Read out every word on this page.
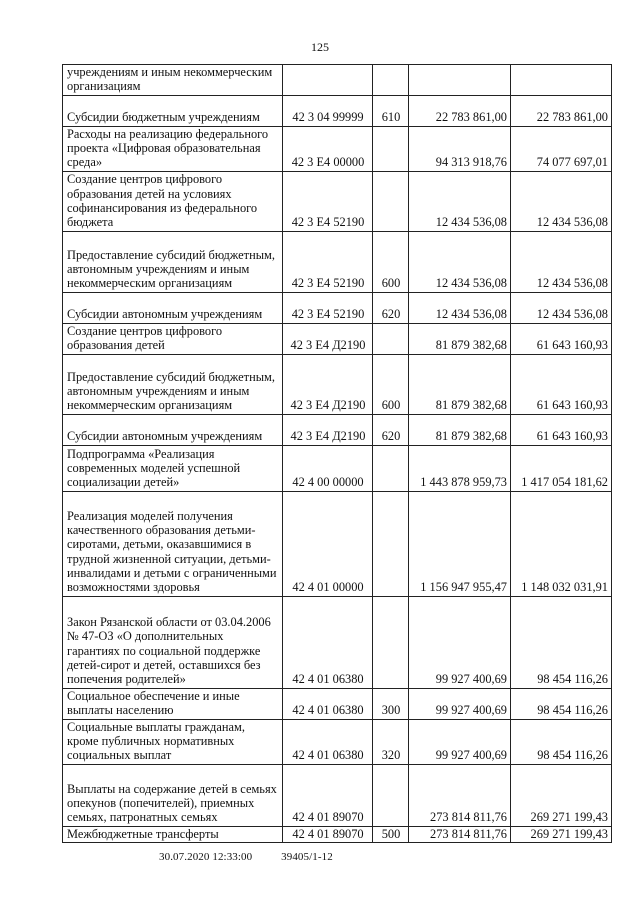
125
учреждениям и иным некоммерческим организациям				
Субсидии бюджетным учреждениям	42 3 04 99999	610	22 783 861,00	22 783 861,00
Расходы на реализацию федерального проекта «Цифровая образовательная среда»	42 3 E4 00000		94 313 918,76	74 077 697,01
Создание центров цифрового образования детей на условиях софинансирования из федерального бюджета	42 3 E4 52190		12 434 536,08	12 434 536,08
Предоставление субсидий бюджетным, автономным учреждениям и иным некоммерческим организациям	42 3 E4 52190	600	12 434 536,08	12 434 536,08
Субсидии автономным учреждениям	42 3 E4 52190	620	12 434 536,08	12 434 536,08
Создание центров цифрового образования детей	42 3 E4 Д2190		81 879 382,68	61 643 160,93
Предоставление субсидий бюджетным, автономным учреждениям и иным некоммерческим организациям	42 3 E4 Д2190	600	81 879 382,68	61 643 160,93
Субсидии автономным учреждениям	42 3 E4 Д2190	620	81 879 382,68	61 643 160,93
Подпрограмма «Реализация современных моделей успешной социализации детей»	42 4 00 00000		1 443 878 959,73	1 417 054 181,62
Реализация моделей получения качественного образования детьми-сиротами, детьми, оказавшимися в трудной жизненной ситуации, детьми-инвалидами и детьми с ограниченными возможностями здоровья	42 4 01 00000		1 156 947 955,47	1 148 032 031,91
Закон Рязанской области от 03.04.2006 № 47-ОЗ «О дополнительных гарантиях по социальной поддержке детей-сирот и детей, оставшихся без попечения родителей»	42 4 01 06380		99 927 400,69	98 454 116,26
Социальное обеспечение и иные выплаты населению	42 4 01 06380	300	99 927 400,69	98 454 116,26
Социальные выплаты гражданам, кроме публичных нормативных социальных выплат	42 4 01 06380	320	99 927 400,69	98 454 116,26
Выплаты на содержание детей в семьях опекунов (попечителей), приемных семьях, патронатных семьях	42 4 01 89070		273 814 811,76	269 271 199,43
Межбюджетные трансферты	42 4 01 89070	500	273 814 811,76	269 271 199,43
30.07.2020 12:33:00	39405/1-12
